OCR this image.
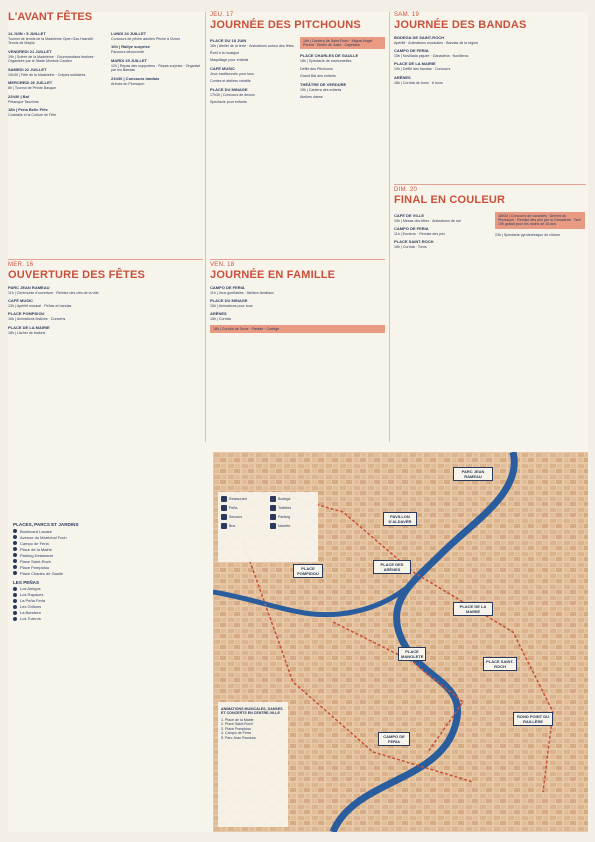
L'AVANT FÊTES
14 JUIN › 5 JUILLET
Tournoi de tennis de la Madeleine Open Gas Hasnelli · Tennis de Maylis
VENDREDI 21 JUILLET
19h | Soirée de la Madeleine · Gourmandises festives · Organisée par le Stade Montois Coutlen
SAMEDI 22 JUILLET
10h30 | Fête de la Madeleine · Crêpes solidaires
MERCREDI 26 JUILLET
8h | Tournoi de Pelote Basque
22h30 | Bal
Pétanque Tauzinne
18h | Pena Belle Fête
Cocktails et la Culture de Fête
LUNDI 24 JUILLET
Concours de pêche adultes Pêche à l'Amor
10h | Rallye surprise
Parcours découverte
MARDI 25 JUILLET
12h | Repas des supporters · Repas surprise · Organisé par les Bandas
21h30 | Concours landais
Arènes du Plumaçon
JEU. 17
JOURNÉE DES PITCHOUNS
PLACE DU 18 JUIN
16h | Atelier de la terre · Animations autour des fêtes
Éveil à la musique
Maquillage pour enfants
CAFÉ MUSIC
Jeux traditionnels pour tous
Contes et ateliers créatifs
PLACE DU MINAGE
17h30 | Concours de dessin
Spectacle pour enfants
18h | Cantera de Saint-Roch · Miguel Angel Perera · Emilio de Justo · Cayetano
PLACE CHARLES DE GAULLE
18h | Spectacle de marionnettes
Défilé des Pitchouns
Grand Bal des enfants
THÉÂTRE DE VERDURE
19h | Cantera des enfants
Ateliers danse
SAM. 19
JOURNÉE DES BANDAS
BODEGA DE SAINT-ROCH
Apéritif · Animations musicales · Bandas de la région
CAMPO DE FERIA
15h | Novillada piquée · Ganaderia · Novilleros
PLACE DE LA MAIRIE
19h | Défilé des bandas · Concours
ARÈNES
18h | Corrida de toros · 6 toros
DIM. 20
FINAL EN COULEUR
CAFÉ DE VILLE
10h | Messe des fêtes · Animations de rue
CAMPO DE FERIA
11h | Encierro · Remise des prix
PLACE SAINT-ROCH
18h | Corrida · Toros
18h30 | Concours de cocardes · Arènes du Plumaçon · Remise des prix par la Ganaderia · Tarif 10€ gratuit pour les moins de 16 ans
23h | Spectacle pyrotechnique de clôture
MER. 16
OUVERTURE DES FÊTES
PARC JEAN RAMEAU
11h | Cérémonie d'ouverture · Remise des clés de la ville
CAFÉ MUSIC
13h | Apéritif musical · Peñas et bandas
PLACE POMPIDOU
16h | Animations festives · Concerts
PLACE DE LA MAIRIE
18h | Lâcher de ballons
VEN. 18
JOURNÉE EN FAMILLE
CAMPO DE FERIA
11h | Jeux gonflables · Ateliers familiaux
PLACE DU MINAGE
15h | Animations pour tous
ARÈNES
18h | Corrida
18h | Corrida de Toros · Parade · Cortège
PLACES, PARCS ET JARDINS
Boulevard Lacaze
Avenue du Maréchal Foch
Campo de Feria
Place de la Mairie
Parking Delamarre
Place Saint-Roch
Place Pompidou
Place Charles de Gaulle
LES PEÑAS
Los Amigos
Los Rapaces
La Peña Feria
Les Grillons
La Bandera
Los Toreros
Restaurant	Bodega
Peña	Toilettes
Secours	Parking
Bus	Navette
PARC JEAN RAMEAU
PAVILLON D'ALDAVÈR
PLACE POMPIDOU
PLACE DES ARÈNES
PLACE DE LA MAIRIE
PLACE SAINT-ROCH
ROND POINT DU RAILLÈRE
CAMPO DE FERIA
PLACE MANOLETE
ANIMATIONS MUSICALES, DANSES ET CONCERTS EN CENTRE-VILLE
1. Place de la Mairie
2. Place Saint-Roch
3. Place Pompidou
4. Campo de Feria
5. Parc Jean Rameau
